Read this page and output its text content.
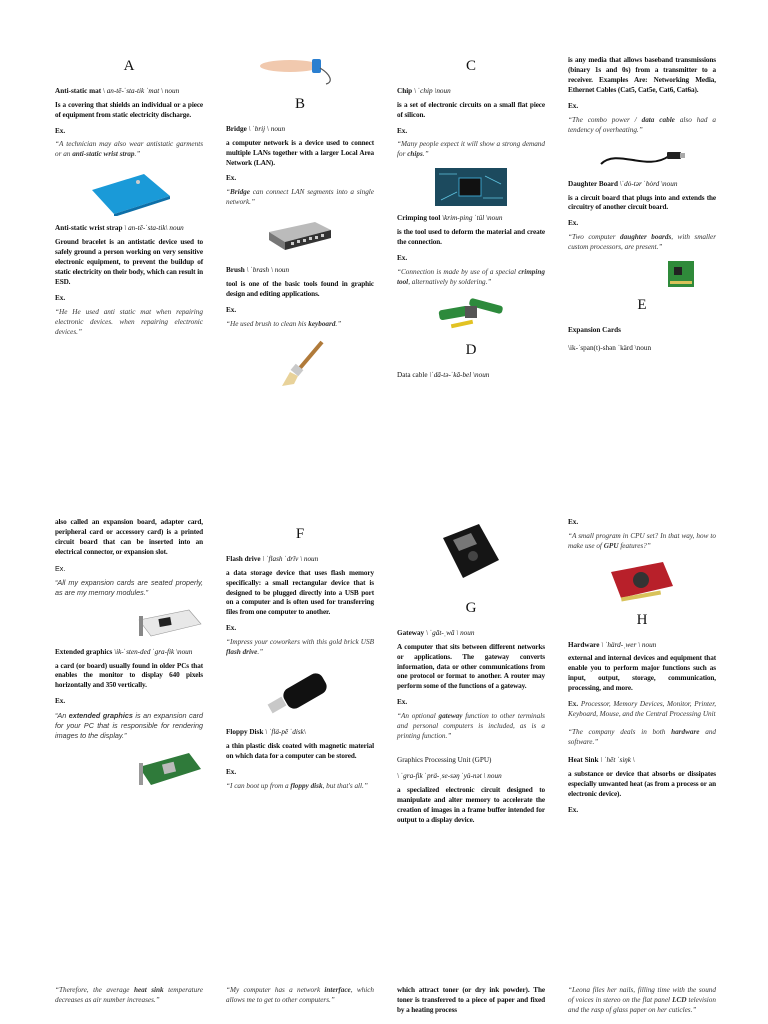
A
Anti-static mat \ an-tē-ˈsta-tik ˈmat \ noun
Is a covering that shields an individual or a piece of equipment from static electricity discharge.
Ex.
“A technician may also wear antistatic garments or an anti-static wrist strap.”
Anti-static wrist strap \ an-tē-ˈsta-tik\ noun
Ground bracelet is an antistatic device used to safely ground a person working on very sensitive electronic equipment, to prevent the buildup of static electricity on their body, which can result in ESD.
Ex.
“He He used anti static mat when repairing electronic devices. when repairing electronic devices.”
B
Bridge \ ˈbrij \ noun
a computer network is a device used to connect multiple LANs together with a larger Local Area Network (LAN).
Ex.
“Bridge can connect LAN segments into a single network.”
Brush \ ˈbrash \ noun
tool is one of the basic tools found in graphic design and editing applications.
Ex.
“He used brush to clean his keyboard.”
C
Chip \ ˈchip \noun
is a set of electronic circuits on a small flat piece of silicon.
Ex.
“Many people expect it will show a strong demand for chips.”
Crimping tool \krim-ping ˈtül \noun
is the tool used to deform the material and create the connection.
Ex.
“Connection is made by use of a special crimping tool, alternatively by soldering.”
D
Data cable \ˈdā-tə-ˈkā-bel \noun
is any media that allows baseband transmissions (binary 1s and 0s) from a transmitter to a receiver. Examples Are: Networking Media, Ethernet Cables (Cat5, Cat5e, Cat6, Cat6a).
Ex.
“The combo power / data cable also had a tendency of overheating.”
Daughter Board \ˈdȯ-tər ˈbȯrd \noun
is a circuit board that plugs into and extends the circuitry of another circuit board.
Ex.
“Two computer daughter boards, with smaller custom processors, are present.”
E
Expansion Cards
\ik-ˈspan(t)-shən ˈkärd \noun
also called an expansion board, adapter card, peripheral card or accessory card) is a printed circuit board that can be inserted into an electrical connector, or expansion slot.
Ex.
“All my expansion cards are seated properly, as are my memory modules.”
Extended graphics \ik-ˈsten-ded ˈgra-fik \noun
a card (or board) usually found in older PCs that enables the monitor to display 640 pixels horizontally and 350 vertically.
Ex.
“An extended graphics is an expansion card for your PC that is responsible for rendering images to the display.”
“Therefore, the average heat sink temperature decreases as air number increases.”
F
Flash drive \ ˈflash ˈdrīv \ noun
a data storage device that uses flash memory specifically: a small rectangular device that is designed to be plugged directly into a USB port on a computer and is often used for transferring files from one computer to another.
Ex.
“Impress your coworkers with this gold brick USB flash drive.”
Floppy Disk \ ˈflä-pē ˈdisk\
a thin plastic disk coated with magnetic material on which data for a computer can be stored.
Ex.
“I can boot up from a floppy disk, but that's all.”
“My computer has a network interface, which allows me to get to other computers.”
G
Gateway \ ˈgāt-ˌwā \ noun
A computer that sits between different networks or applications. The gateway converts information, data or other communications from one protocol or format to another. A router may perform some of the functions of a gateway.
Ex.
“An optional gateway function to other terminals and personal computers is included, as is a printing function.”
Graphics Processing Unit (GPU)
\ ˈgra-fik ˈprä-ˌse-səŋ ˈyü-nət \ noun
a specialized electronic circuit designed to manipulate and alter memory to accelerate the creation of images in a frame buffer intended for output to a display device.
which attract toner (or dry ink powder). The toner is transferred to a piece of paper and fixed by a heating process
Ex.
“A small program in CPU set? In that way, how to make use of GPU features?”
H
Hardware \ ˈhärd-ˌwer \ noun
external and internal devices and equipment that enable you to perform major functions such as input, output, storage, communication, processing, and more.
Ex. Processor, Memory Devices, Monitor, Printer, Keyboard, Mouse, and the Central Processing Unit
“The company deals in both hardware and software.”
Heat Sink \ ˈhēt ˈsiŋk \
a substance or device that absorbs or dissipates especially unwanted heat (as from a process or an electronic device).
Ex.
“Leona files her nails, filling time with the sound of voices in stereo on the flat panel LCD television and the rasp of glass paper on her cuticles.”
